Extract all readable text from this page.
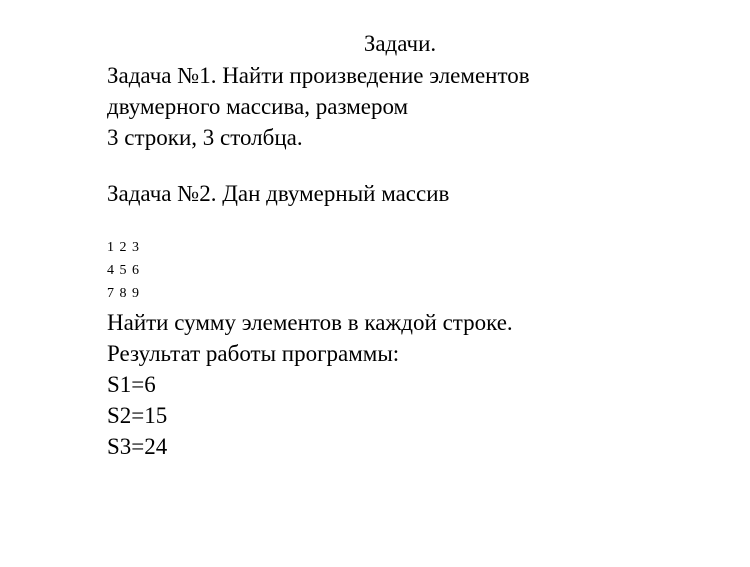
Задачи.
Задача №1. Найти произведение элементов
двумерного массива, размером
3 строки, 3 столбца.
Задача №2. Дан двумерный массив
1 2 3
4 5 6
7 8 9
Найти сумму элементов в каждой строке.
Результат работы программы:
S1=6
S2=15
S3=24
